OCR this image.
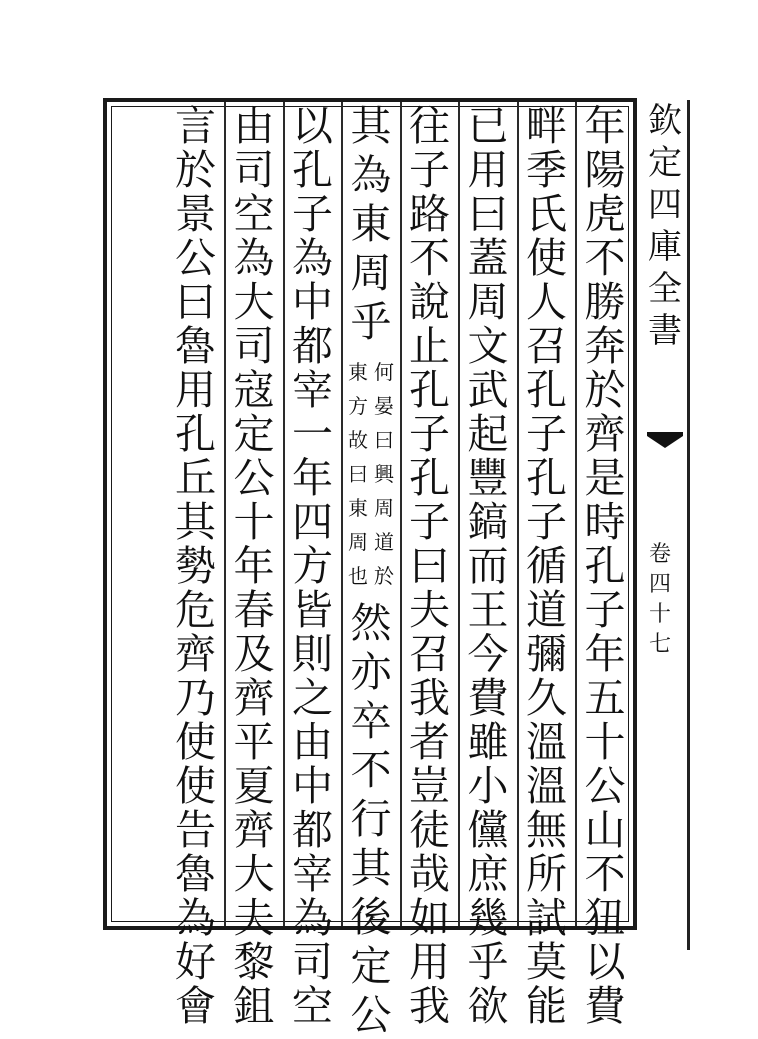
年
陽
虎
不
勝
奔
於
齊
是
時
孔
子
年
五
十
公
山
不
狃
以
費
畔
季
氏
使
人
召
孔
子
孔
子
循
道
彌
久
溫
溫
無
所
試
莫
能
已
用
曰
蓋
周
文
武
起
豐
鎬
而
王
今
費
雖
小
儻
庶
幾
乎
欲
往
子
路
不
說
止
孔
子
孔
子
曰
夫
召
我
者
豈
徒
哉
如
用
我
其
為
東
周
乎
何
晏
曰
興
周
道
於
東
方
故
曰
東
周
也
然
亦
卒
不
行
其
後
定
公
以
孔
子
為
中
都
宰
一
年
四
方
皆
則
之
由
中
都
宰
為
司
空
由
司
空
為
大
司
寇
定
公
十
年
春
及
齊
平
夏
齊
大
夫
黎
鉏
言
於
景
公
曰
魯
用
孔
丘
其
勢
危
齊
乃
使
使
告
魯
為
好
會
欽
定
四
庫
全
書
卷
四
十
七
